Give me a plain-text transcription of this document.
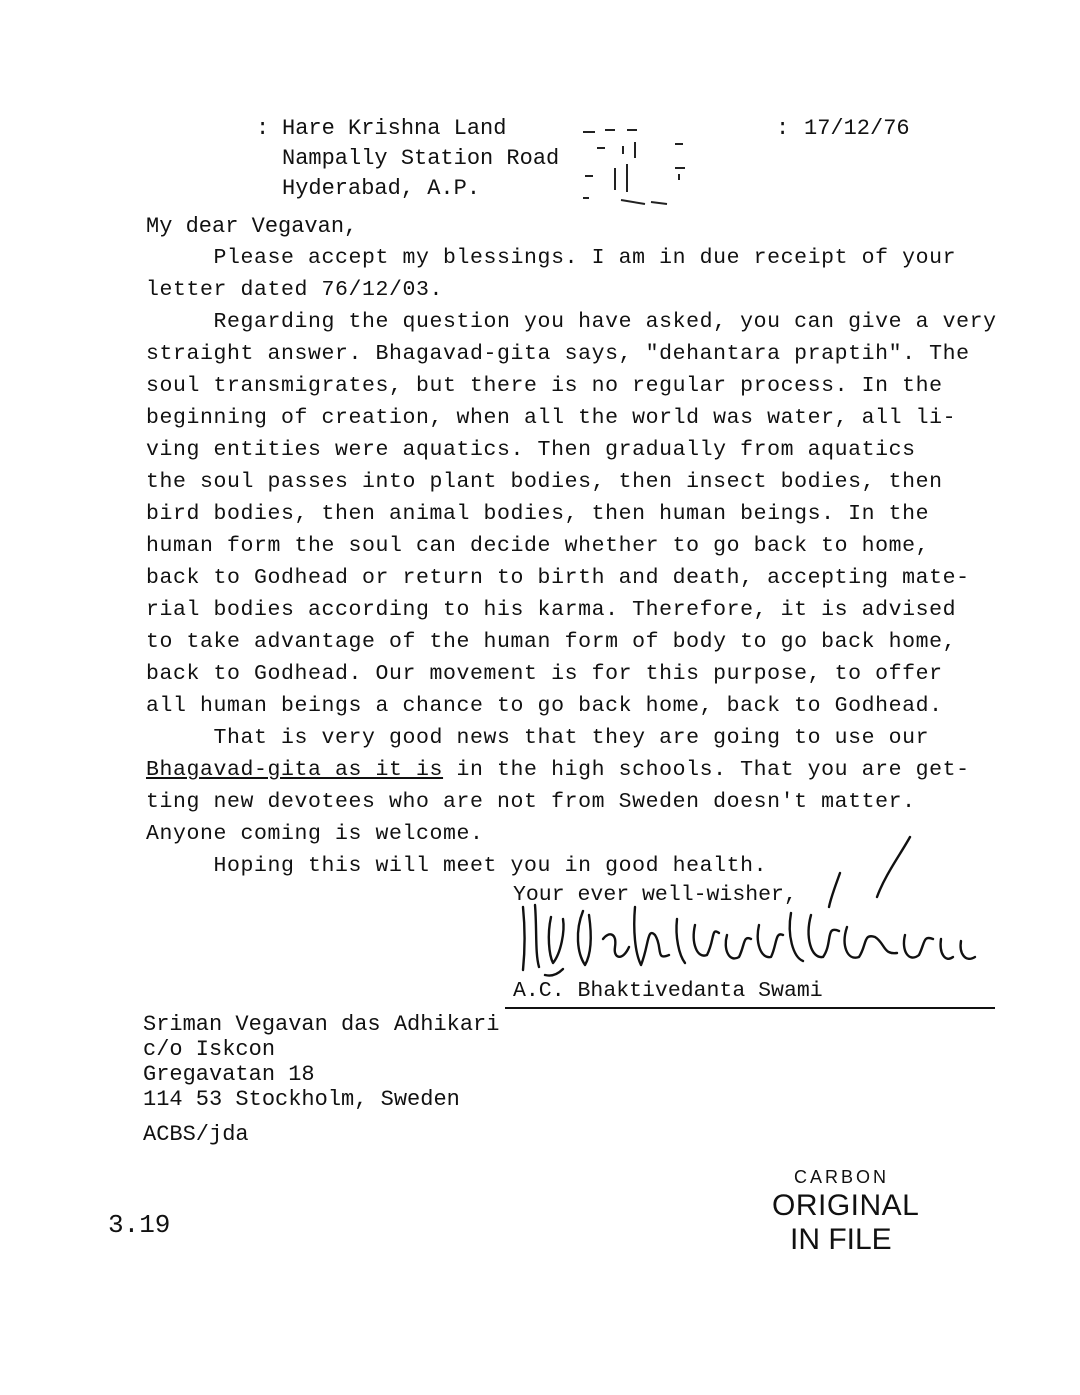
: Hare Krishna Land
Nampally Station Road
Hyderabad, A.P.
: 17/12/76
My dear Vegavan,
Please accept my blessings. I am in due receipt of your
letter dated 76/12/03.
Regarding the question you have asked, you can give a very
straight answer. Bhagavad-gita says, "dehantara praptih". The
soul transmigrates, but there is no regular process. In the
beginning of creation, when all the world was water, all li-
ving entities were aquatics. Then gradually from aquatics
the soul passes into plant bodies, then insect bodies, then
bird bodies, then animal bodies, then human beings. In the
human form the soul can decide whether to go back to home,
back to Godhead or return to birth and death, accepting mate-
rial bodies according to his karma. Therefore, it is advised
to take advantage of the human form of body to go back home,
back to Godhead. Our movement is for this purpose, to offer
all human beings a chance to go back home, back to Godhead.
That is very good news that they are going to use our
Bhagavad-gita as it is in the high schools. That you are get-
ting new devotees who are not from Sweden doesn't matter.
Anyone coming is welcome.
Hoping this will meet you in good health.
Your ever well-wisher,
A.C. Bhaktivedanta Swami
Sriman Vegavan das Adhikari
c/o Iskcon
Gregavatan 18
114 53 Stockholm, Sweden
ACBS/jda
3.19
CARBON
ORIGINAL
IN FILE
